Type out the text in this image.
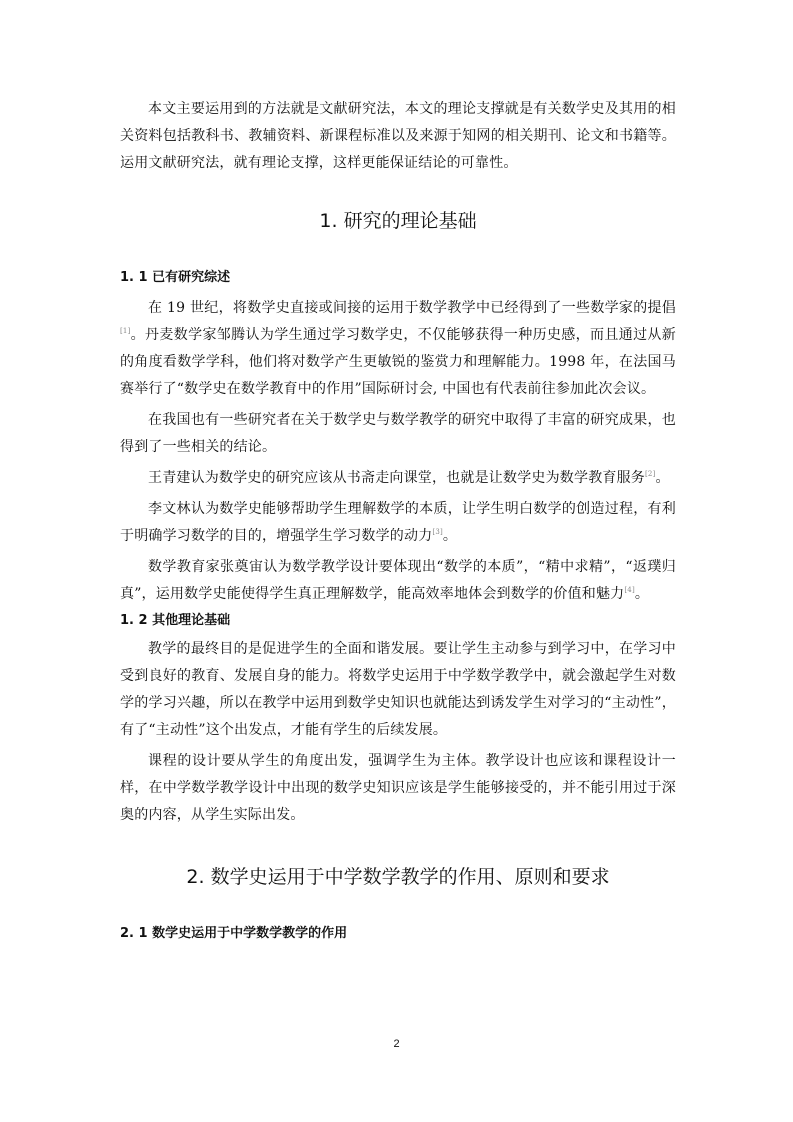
本文主要运用到的方法就是文献研究法，本文的理论支撑就是有关数学史及其用的相关资料包括教科书、教辅资料、新课程标准以及来源于知网的相关期刊、论文和书籍等。运用文献研究法，就有理论支撑，这样更能保证结论的可靠性。

1. 研究的理论基础
1. 1 已有研究综述

在 19 世纪，将数学史直接或间接的运用于数学教学中已经得到了一些数学家的提倡[1]。丹麦数学家邹腾认为学生通过学习数学史，不仅能够获得一种历史感，而且通过从新的角度看数学学科，他们将对数学产生更敏锐的鉴赏力和理解能力。1998 年，在法国马赛举行了“数学史在数学教育中的作用”国际研讨会, 中国也有代表前往参加此次会议。

在我国也有一些研究者在关于数学史与数学教学的研究中取得了丰富的研究成果，也得到了一些相关的结论。

王青建认为数学史的研究应该从书斋走向课堂，也就是让数学史为数学教育服务[2]。

李文林认为数学史能够帮助学生理解数学的本质，让学生明白数学的创造过程，有利于明确学习数学的目的，增强学生学习数学的动力[3]。

数学教育家张奠宙认为数学教学设计要体现出“数学的本质”，“精中求精”，“返璞归真”，运用数学史能使得学生真正理解数学，能高效率地体会到数学的价值和魅力[4]。

1. 2 其他理论基础

教学的最终目的是促进学生的全面和谐发展。要让学生主动参与到学习中，在学习中受到良好的教育、发展自身的能力。将数学史运用于中学数学教学中，就会激起学生对数学的学习兴趣，所以在教学中运用到数学史知识也就能达到诱发学生对学习的“主动性”，有了“主动性”这个出发点，才能有学生的后续发展。

课程的设计要从学生的角度出发，强调学生为主体。教学设计也应该和课程设计一样，在中学数学教学设计中出现的数学史知识应该是学生能够接受的，并不能引用过于深奥的内容，从学生实际出发。

2. 数学史运用于中学数学教学的作用、原则和要求
2. 1 数学史运用于中学数学教学的作用
2
